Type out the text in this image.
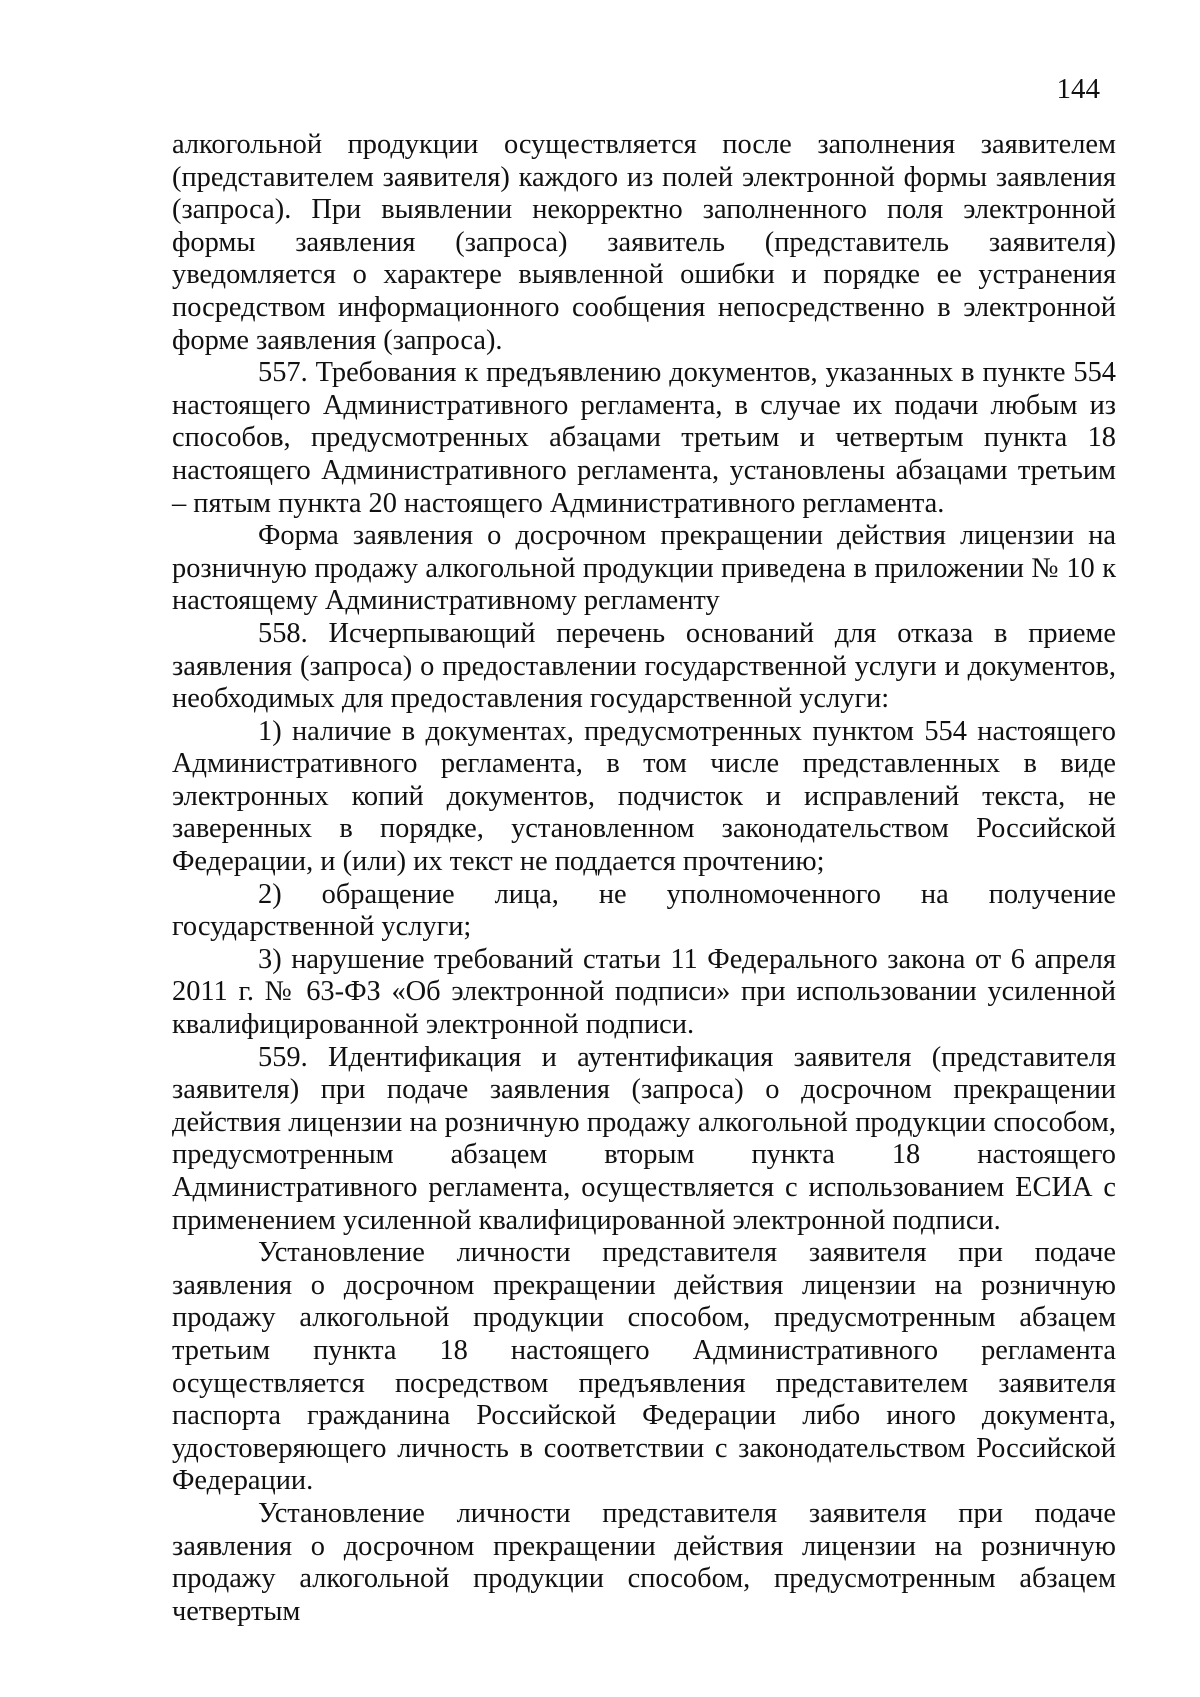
144

алкогольной продукции осуществляется после заполнения заявителем (представителем заявителя) каждого из полей электронной формы заявления (запроса). При выявлении некорректно заполненного поля электронной формы заявления (запроса) заявитель (представитель заявителя) уведомляется о характере выявленной ошибки и порядке ее устранения посредством информационного сообщения непосредственно в электронной форме заявления (запроса).

557. Требования к предъявлению документов, указанных в пункте 554 настоящего Административного регламента, в случае их подачи любым из способов, предусмотренных абзацами третьим и четвертым пункта 18 настоящего Административного регламента, установлены абзацами третьим – пятым пункта 20 настоящего Административного регламента.

Форма заявления о досрочном прекращении действия лицензии на розничную продажу алкогольной продукции приведена в приложении № 10 к настоящему Административному регламенту

558. Исчерпывающий перечень оснований для отказа в приеме заявления (запроса) о предоставлении государственной услуги и документов, необходимых для предоставления государственной услуги:

1) наличие в документах, предусмотренных пунктом 554 настоящего Административного регламента, в том числе представленных в виде электронных копий документов, подчисток и исправлений текста, не заверенных в порядке, установленном законодательством Российской Федерации, и (или) их текст не поддается прочтению;

2) обращение лица, не уполномоченного на получение государственной услуги;

3) нарушение требований статьи 11 Федерального закона от 6 апреля 2011 г. № 63-ФЗ «Об электронной подписи» при использовании усиленной квалифицированной электронной подписи.

559. Идентификация и аутентификация заявителя (представителя заявителя) при подаче заявления (запроса) о досрочном прекращении действия лицензии на розничную продажу алкогольной продукции способом, предусмотренным абзацем вторым пункта 18 настоящего Административного регламента, осуществляется с использованием ЕСИА с применением усиленной квалифицированной электронной подписи.

Установление личности представителя заявителя при подаче заявления о досрочном прекращении действия лицензии на розничную продажу алкогольной продукции способом, предусмотренным абзацем третьим пункта 18 настоящего Административного регламента осуществляется посредством предъявления представителем заявителя паспорта гражданина Российской Федерации либо иного документа, удостоверяющего личность в соответствии с законодательством Российской Федерации.

Установление личности представителя заявителя при подаче заявления о досрочном прекращении действия лицензии на розничную продажу алкогольной продукции способом, предусмотренным абзацем четвертым
